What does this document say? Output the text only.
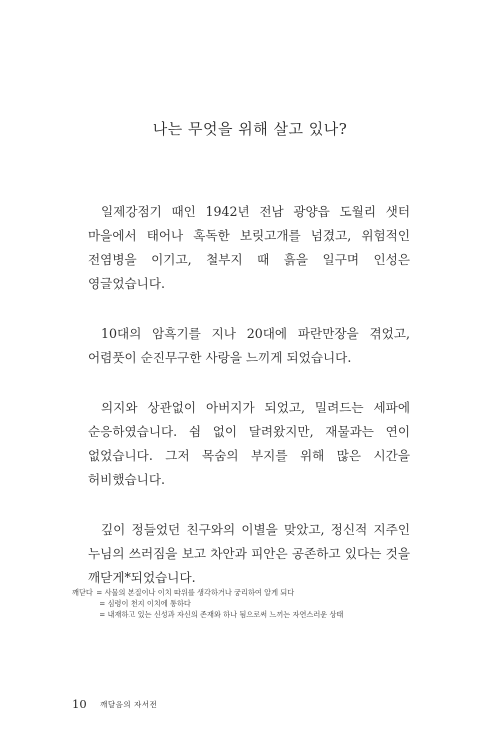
나는 무엇을 위해 살고 있나?

일제강점기 때인 1942년 전남 광양읍 도월리 샛터 마을에서 태어나 혹독한 보릿고개를 넘겼고, 위험적인 전염병을 이기고, 철부지 때 흙을 일구며 인성은 영글었습니다.

10대의 암흑기를 지나 20대에 파란만장을 겪었고, 어렴풋이 순진무구한 사랑을 느끼게 되었습니다.

의지와 상관없이 아버지가 되었고, 밀려드는 세파에 순응하였습니다. 쉼 없이 달려왔지만, 재물과는 연이 없었습니다. 그저 목숨의 부지를 위해 많은 시간을 허비했습니다.

깊이 정들었던 친구와의 이별을 맞았고, 정신적 지주인 누님의 쓰러짐을 보고 차안과 피안은 공존하고 있다는 것을 깨닫게*되었습니다.

깨닫다 = 사물의 본질이나 이치 따위를 생각하거나 궁리하여 알게 되다
= 심령이 천지 이치에 통하다
= 내재하고 있는 신성과 자신의 존재와 하나 됨으로써 느끼는 자연스러운 상태
10 깨달음의 자서전
